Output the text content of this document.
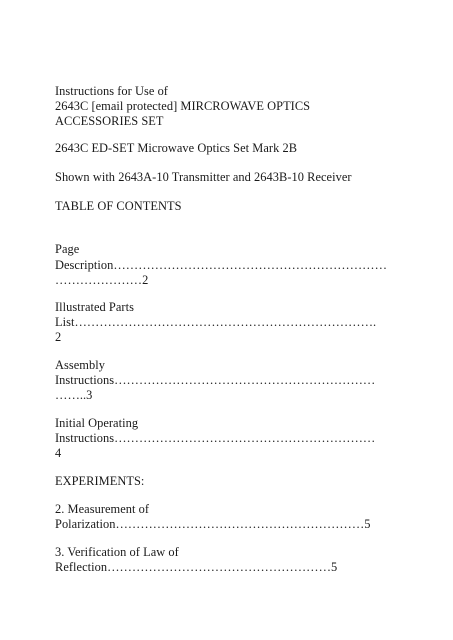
Instructions for Use of
2643C [email protected] MIRCROWAVE OPTICS
ACCESSORIES SET
2643C ED-SET Microwave Optics Set Mark 2B
Shown with 2643A-10 Transmitter and 2643B-10 Receiver
TABLE OF CONTENTS
Page
Description…………………………………………………………
…………………2
Illustrated Parts
List……………………………………………………………….
2
Assembly
Instructions………………………………………………………
……..3
Initial Operating
Instructions………………………………………………………
4
EXPERIMENTS:
2. Measurement of
Polarization……………………………………………………5
3. Verification of Law of
Reflection………………………………………………5
